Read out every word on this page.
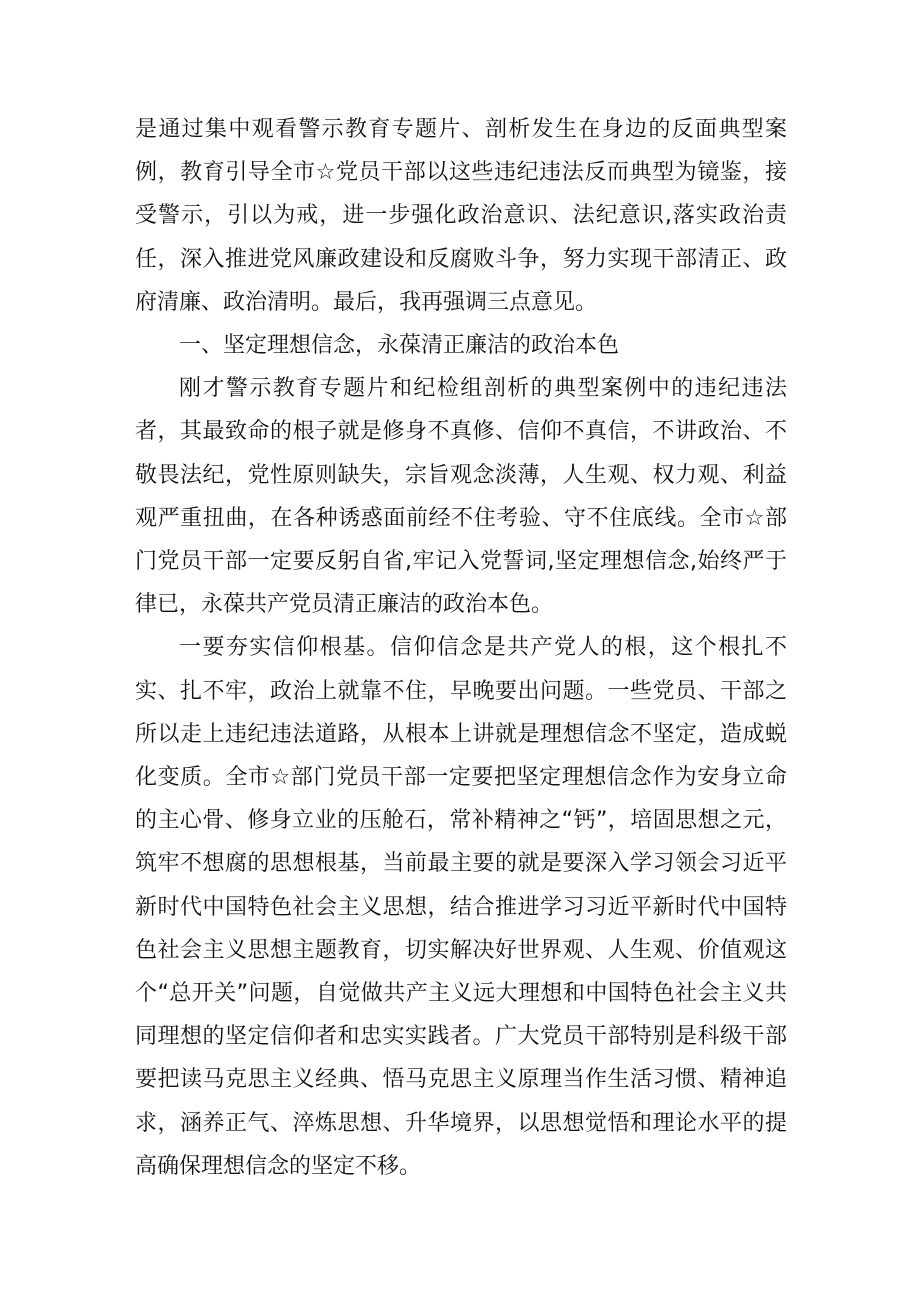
是通过集中观看警示教育专题片、剖析发生在身边的反面典型案例，教育引导全市☆党员干部以这些违纪违法反而典型为镜鉴，接受警示，引以为戒，进一步强化政治意识、法纪意识,落实政治责任，深入推进党风廉政建设和反腐败斗争，努力实现干部清正、政府清廉、政治清明。最后，我再强调三点意见。

一、坚定理想信念，永葆清正廉洁的政治本色

刚才警示教育专题片和纪检组剖析的典型案例中的违纪违法者，其最致命的根子就是修身不真修、信仰不真信，不讲政治、不敬畏法纪，党性原则缺失，宗旨观念淡薄，人生观、权力观、利益观严重扭曲，在各种诱惑面前经不住考验、守不住底线。全市☆部门党员干部一定要反躬自省,牢记入党誓词,坚定理想信念,始终严于律已，永葆共产党员清正廉洁的政治本色。

一要夯实信仰根基。信仰信念是共产党人的根，这个根扎不实、扎不牢，政治上就靠不住，早晚要出问题。一些党员、干部之所以走上违纪违法道路，从根本上讲就是理想信念不坚定，造成蜕化变质。全市☆部门党员干部一定要把坚定理想信念作为安身立命的主心骨、修身立业的压舱石，常补精神之“钙”，培固思想之元，筑牢不想腐的思想根基，当前最主要的就是要深入学习领会习近平新时代中国特色社会主义思想，结合推进学习习近平新时代中国特色社会主义思想主题教育，切实解决好世界观、人生观、价值观这个“总开关”问题，自觉做共产主义远大理想和中国特色社会主义共同理想的坚定信仰者和忠实实践者。广大党员干部特别是科级干部要把读马克思主义经典、悟马克思主义原理当作生活习惯、精神追求，涵养正气、淬炼思想、升华境界，以思想觉悟和理论水平的提高确保理想信念的坚定不移。
